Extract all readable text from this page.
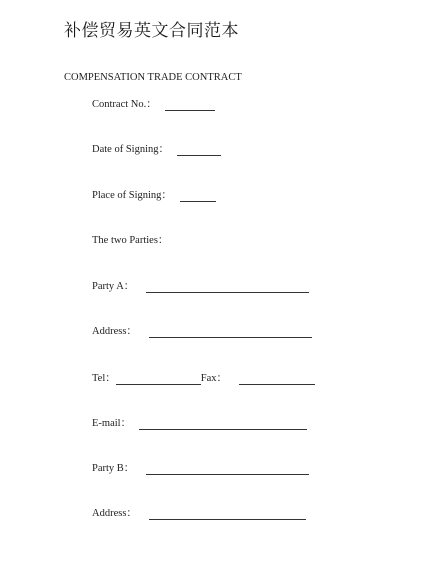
补偿贸易英文合同范本
COMPENSATION TRADE CONTRACT
Contract No.：
Date of Signing：
Place of Signing：
The two Parties：
Party A：
Address：
Tel：	Fax：
E-mail：
Party B：
Address：
